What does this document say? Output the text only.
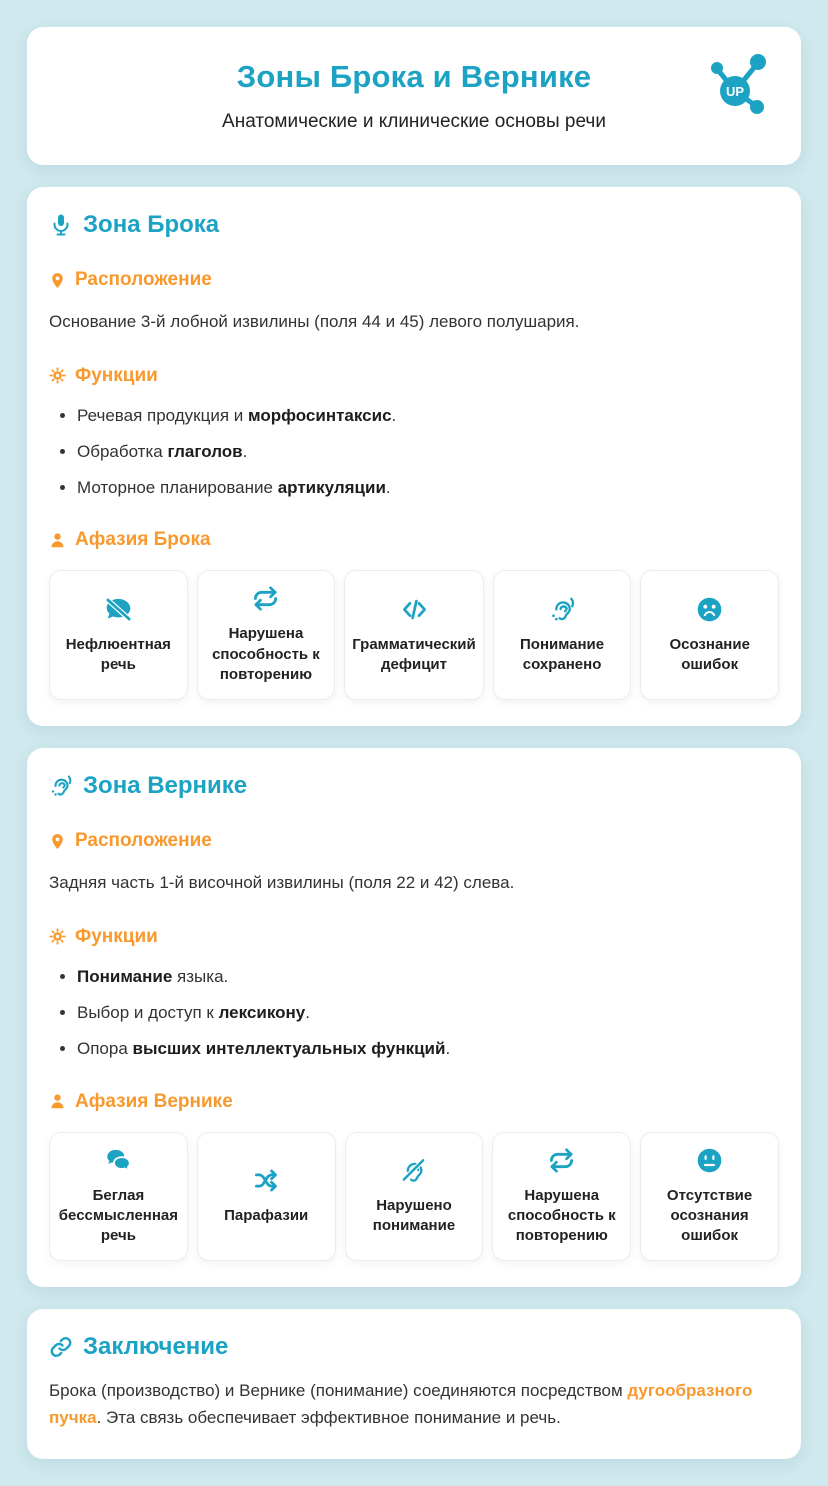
Зоны Брока и Вернике

Анатомические и клинические основы речи

UP
Зона Брока
Расположение

Основание 3-й лобной извилины (поля 44 и 45) левого полушария.

Функции
• Речевая продукция и морфосинтаксис.
• Обработка глаголов.
• Моторное планирование артикуляции.
Афазия Брока
Нефлюентная речь
Нарушена способность к повторению
Грамматический дефицит
Понимание сохранено
Осознание ошибок
Зона Вернике
Расположение

Задняя часть 1-й височной извилины (поля 22 и 42) слева.

Функции
• Понимание языка.
• Выбор и доступ к лексикону.
• Опора высших интеллектуальных функций.
Афазия Вернике
Беглая бессмысленная речь
Парафазии
Нарушено понимание
Нарушена способность к повторению
Отсутствие осознания ошибок
Заключение

Брока (производство) и Вернике (понимание) соединяются посредством дугообразного пучка. Эта связь обеспечивает эффективное понимание и речь.
